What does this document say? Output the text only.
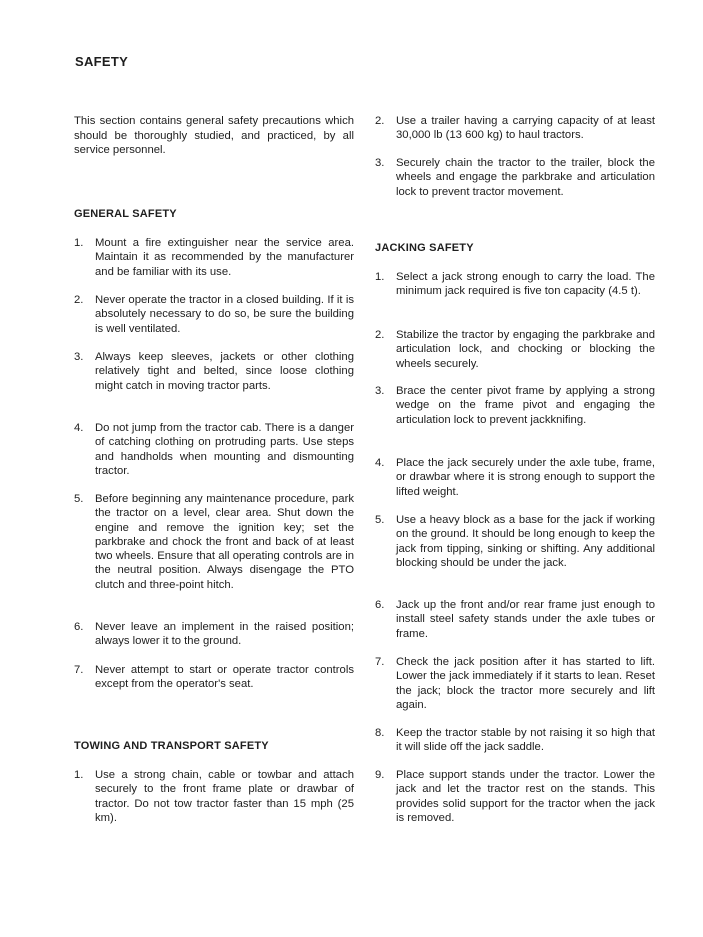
SAFETY
This section contains general safety precautions which should be thoroughly studied, and practiced, by all service personnel.
GENERAL SAFETY
1. Mount a fire extinguisher near the service area. Maintain it as recommended by the manufacturer and be familiar with its use.
2. Never operate the tractor in a closed building. If it is absolutely necessary to do so, be sure the building is well ventilated.
3. Always keep sleeves, jackets or other clothing relatively tight and belted, since loose clothing might catch in moving tractor parts.
4. Do not jump from the tractor cab. There is a danger of catching clothing on protruding parts. Use steps and handholds when mounting and dismounting tractor.
5. Before beginning any maintenance procedure, park the tractor on a level, clear area. Shut down the engine and remove the ignition key; set the parkbrake and chock the front and back of at least two wheels. Ensure that all operating controls are in the neutral position. Always disengage the PTO clutch and three-point hitch.
6. Never leave an implement in the raised position; always lower it to the ground.
7. Never attempt to start or operate tractor controls except from the operator's seat.
TOWING AND TRANSPORT SAFETY
1. Use a strong chain, cable or towbar and attach securely to the front frame plate or drawbar of tractor. Do not tow tractor faster than 15 mph (25 km).
2. Use a trailer having a carrying capacity of at least 30,000 lb (13 600 kg) to haul tractors.
3. Securely chain the tractor to the trailer, block the wheels and engage the parkbrake and articulation lock to prevent tractor movement.
JACKING SAFETY
1. Select a jack strong enough to carry the load. The minimum jack required is five ton capacity (4.5 t).
2. Stabilize the tractor by engaging the parkbrake and articulation lock, and chocking or blocking the wheels securely.
3. Brace the center pivot frame by applying a strong wedge on the frame pivot and engaging the articulation lock to prevent jackknifing.
4. Place the jack securely under the axle tube, frame, or drawbar where it is strong enough to support the lifted weight.
5. Use a heavy block as a base for the jack if working on the ground. It should be long enough to keep the jack from tipping, sinking or shifting. Any additional blocking should be under the jack.
6. Jack up the front and/or rear frame just enough to install steel safety stands under the axle tubes or frame.
7. Check the jack position after it has started to lift. Lower the jack immediately if it starts to lean. Reset the jack; block the tractor more securely and lift again.
8. Keep the tractor stable by not raising it so high that it will slide off the jack saddle.
9. Place support stands under the tractor. Lower the jack and let the tractor rest on the stands. This provides solid support for the tractor when the jack is removed.
